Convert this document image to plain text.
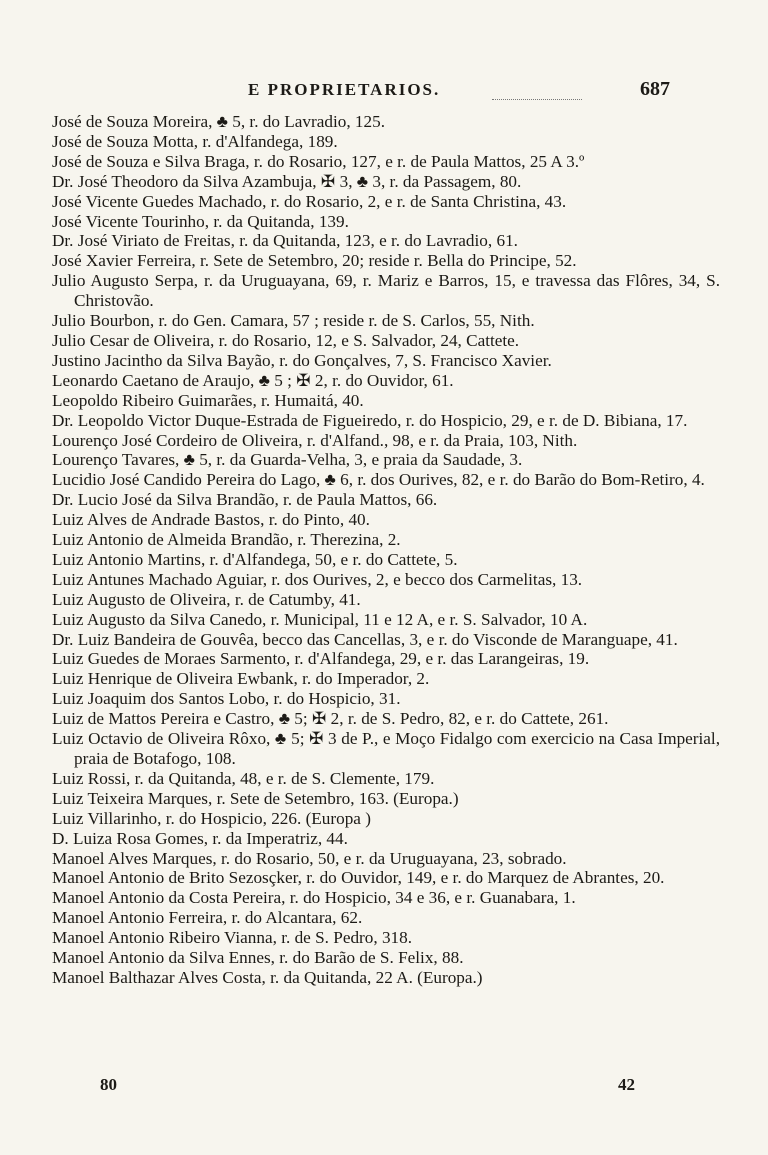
E PROPRIETARIOS.	687
José de Souza Moreira, ♣ 5, r. do Lavradio, 125.
José de Souza Motta, r. d'Alfandega, 189.
José de Souza e Silva Braga, r. do Rosario, 127, e r. de Paula Mattos, 25 A 3.º
Dr. José Theodoro da Silva Azambuja, ✠ 3, ♣ 3, r. da Passagem, 80.
José Vicente Guedes Machado, r. do Rosario, 2, e r. de Santa Christina, 43.
José Vicente Tourinho, r. da Quitanda, 139.
Dr. José Viriato de Freitas, r. da Quitanda, 123, e r. do Lavradio, 61.
José Xavier Ferreira, r. Sete de Setembro, 20; reside r. Bella do Principe, 52.
Julio Augusto Serpa, r. da Uruguayana, 69, r. Mariz e Barros, 15, e travessa das Flôres, 34, S. Christovão.
Julio Bourbon, r. do Gen. Camara, 57 ; reside r. de S. Carlos, 55, Nith.
Julio Cesar de Oliveira, r. do Rosario, 12, e S. Salvador, 24, Cattete.
Justino Jacintho da Silva Bayão, r. do Gonçalves, 7, S. Francisco Xavier.
Leonardo Caetano de Araujo, ♣ 5 ; ✠ 2, r. do Ouvidor, 61.
Leopoldo Ribeiro Guimarães, r. Humaitá, 40.
Dr. Leopoldo Victor Duque-Estrada de Figueiredo, r. do Hospicio, 29, e r. de D. Bibiana, 17.
Lourenço José Cordeiro de Oliveira, r. d'Alfand., 98, e r. da Praia, 103, Nith.
Lourenço Tavares, ♣ 5, r. da Guarda-Velha, 3, e praia da Saudade, 3.
Lucidio José Candido Pereira do Lago, ♣ 6, r. dos Ourives, 82, e r. do Barão do Bom-Retiro, 4.
Dr. Lucio José da Silva Brandão, r. de Paula Mattos, 66.
Luiz Alves de Andrade Bastos, r. do Pinto, 40.
Luiz Antonio de Almeida Brandão, r. Therezina, 2.
Luiz Antonio Martins, r. d'Alfandega, 50, e r. do Cattete, 5.
Luiz Antunes Machado Aguiar, r. dos Ourives, 2, e becco dos Carmelitas, 13.
Luiz Augusto de Oliveira, r. de Catumby, 41.
Luiz Augusto da Silva Canedo, r. Municipal, 11 e 12 A, e r. S. Salvador, 10 A.
Dr. Luiz Bandeira de Gouvêa, becco das Cancellas, 3, e r. do Visconde de Maranguape, 41.
Luiz Guedes de Moraes Sarmento, r. d'Alfandega, 29, e r. das Larangeiras, 19.
Luiz Henrique de Oliveira Ewbank, r. do Imperador, 2.
Luiz Joaquim dos Santos Lobo, r. do Hospicio, 31.
Luiz de Mattos Pereira e Castro, ♣ 5; ✠ 2, r. de S. Pedro, 82, e r. do Cattete, 261.
Luiz Octavio de Oliveira Rôxo, ♣ 5; ✠ 3 de P., e Moço Fidalgo com exercicio na Casa Imperial, praia de Botafogo, 108.
Luiz Rossi, r. da Quitanda, 48, e r. de S. Clemente, 179.
Luiz Teixeira Marques, r. Sete de Setembro, 163. (Europa.)
Luiz Villarinho, r. do Hospicio, 226. (Europa )
D. Luiza Rosa Gomes, r. da Imperatriz, 44.
Manoel Alves Marques, r. do Rosario, 50, e r. da Uruguayana, 23, sobrado.
Manoel Antonio de Brito Sezosçker, r. do Ouvidor, 149, e r. do Marquez de Abrantes, 20.
Manoel Antonio da Costa Pereira, r. do Hospicio, 34 e 36, e r. Guanabara, 1.
Manoel Antonio Ferreira, r. do Alcantara, 62.
Manoel Antonio Ribeiro Vianna, r. de S. Pedro, 318.
Manoel Antonio da Silva Ennes, r. do Barão de S. Felix, 88.
Manoel Balthazar Alves Costa, r. da Quitanda, 22 A. (Europa.)
80	42
